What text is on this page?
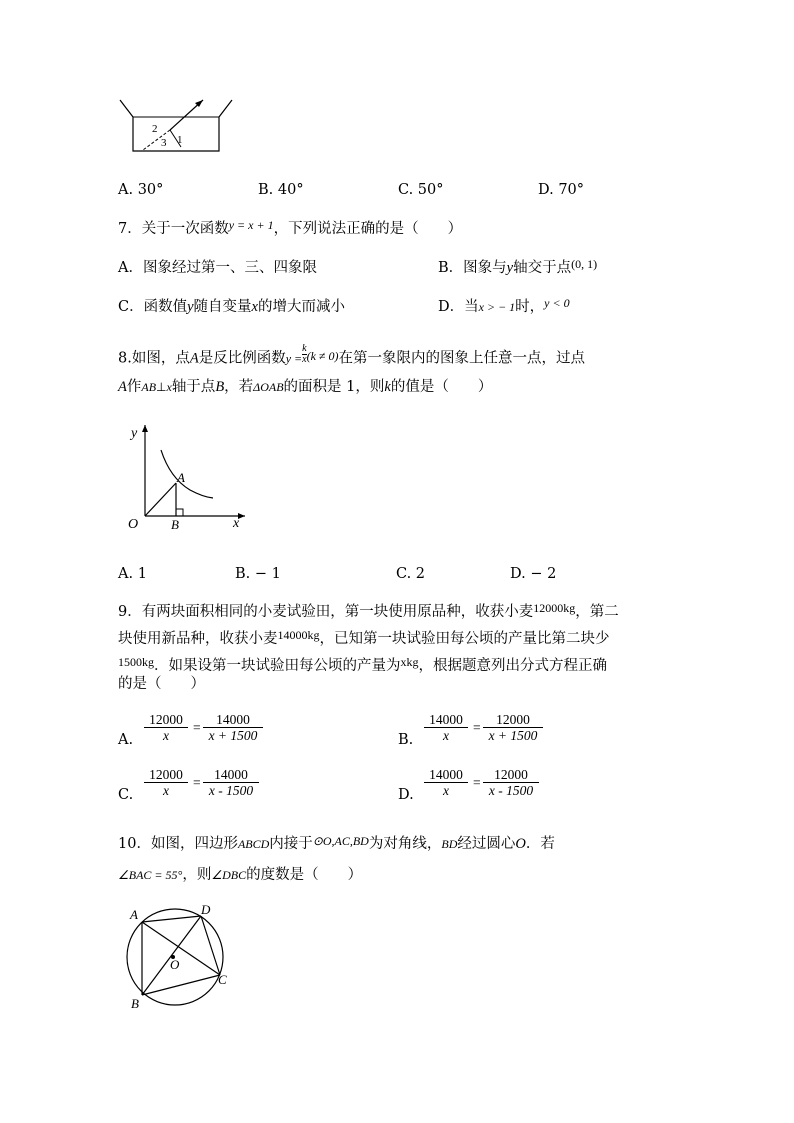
2
3 1
A. 30°	B. 40°	C. 50°	D. 70°
7．关于一次函数$^{y = x + 1}$，下列说法正确的是（　　）
A．图象经过第一、三、四象限	B．图象与y轴交于点$^{(0, 1)}$
C．函数值y随自变量x的增大而减小	D．当x > − 1时，$^{y < 0}$
8.如图，点A是反比例函数$y = \frac{k}{x} ^{(k \ne 0)}$在第一象限内的图象上任意一点，过点
A作AB⊥x轴于点B，若ΔOAB的面积是 1，则k的值是（　　）
y
x
O
A
B
A. 1	B. − 1	C. 2	D. − 2
9．有两块面积相同的小麦试验田，第一块使用原品种，收获小麦$^{12000kg}$，第二
块使用新品种，收获小麦$^{14000kg}$，已知第一块试验田每公顷的产量比第二块少
$^{1500kg}$．如果设第一块试验田每公顷的产量为$^{xkg}$，根据题意列出分式方程正确
的是（　　）
A. $\frac{12000}{x} = \frac{14000}{x + 1500}$	B. $\frac{14000}{x} = \frac{12000}{x + 1500}$
C. $\frac{12000}{x} = \frac{14000}{x - 1500}$	D. $\frac{14000}{x} = \frac{12000}{x - 1500}$
10．如图，四边形ABCD内接于$^{⊙O,AC,BD}$为对角线，BD经过圆心O．若
∠BAC = 55°，则∠DBC的度数是（　　）
A	D
O
C
B
